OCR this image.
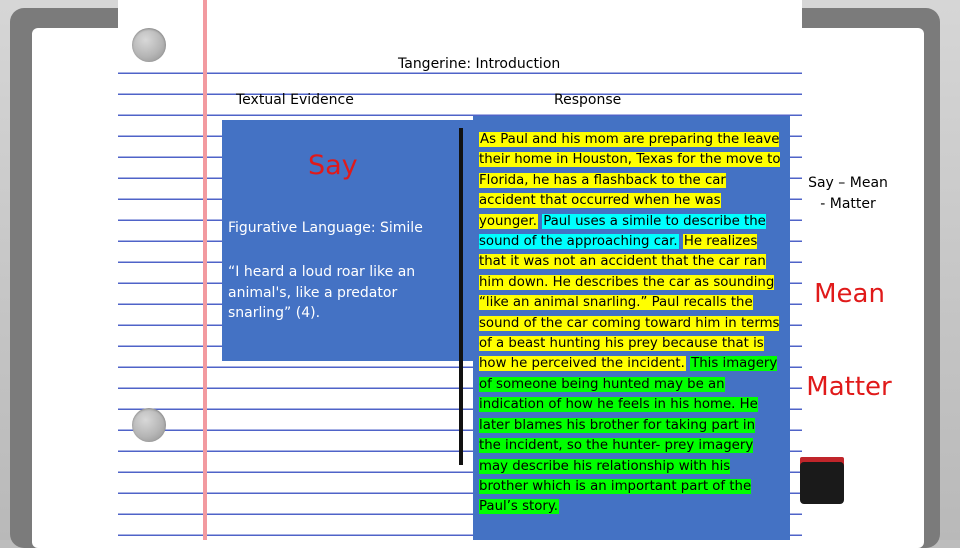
Tangerine: Introduction
Textual Evidence	Response
Say
Figurative Language: Simile
“I heard a loud roar like an animal's, like a predator snarling” (4).
As Paul and his mom are preparing the leave their home in Houston, Texas for the move to Florida, he has a flashback to the car accident that occurred when he was younger. Paul uses a simile to describe the sound of the approaching car. He realizes that it was not an accident that the car ran him down. He describes the car as sounding “like an animal snarling.” Paul recalls the sound of the car coming toward him in terms of a beast hunting his prey because that is how he perceived the incident. This imagery of someone being hunted may be an indication of how he feels in his home. He later blames his brother for taking part in the incident, so the hunter- prey imagery may describe his relationship with his brother which is an important part of the Paul’s story.
Say – Mean - Matter
Mean
Matter
